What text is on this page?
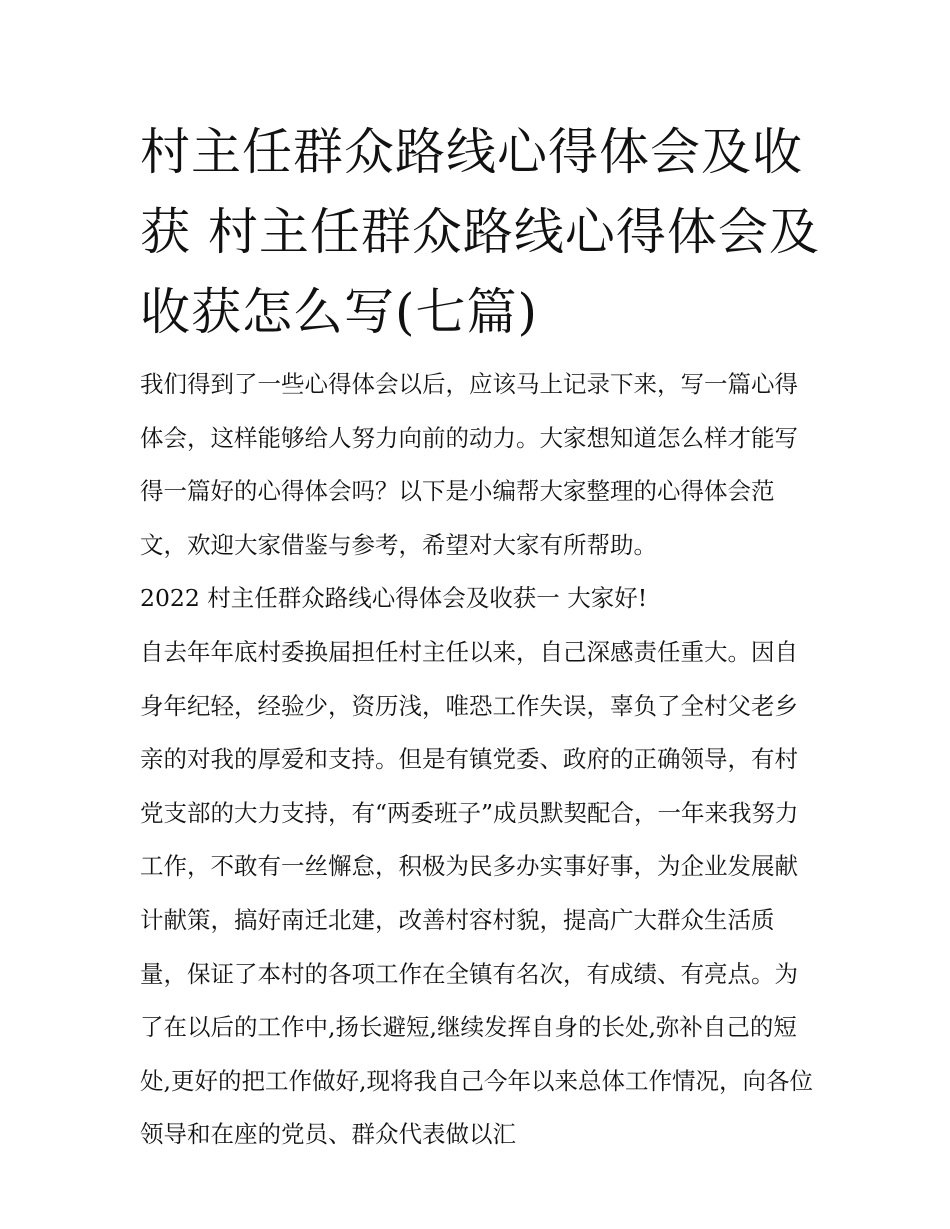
村主任群众路线心得体会及收获 村主任群众路线心得体会及收获怎么写(七篇)

我们得到了一些心得体会以后，应该马上记录下来，写一篇心得体会，这样能够给人努力向前的动力。大家想知道怎么样才能写得一篇好的心得体会吗？以下是小编帮大家整理的心得体会范文，欢迎大家借鉴与参考，希望对大家有所帮助。

2022 村主任群众路线心得体会及收获一 大家好!

自去年年底村委换届担任村主任以来，自己深感责任重大。因自身年纪轻，经验少，资历浅，唯恐工作失误，辜负了全村父老乡亲的对我的厚爱和支持。但是有镇党委、政府的正确领导，有村党支部的大力支持，有“两委班子”成员默契配合，一年来我努力工作，不敢有一丝懈怠，积极为民多办实事好事，为企业发展献计献策，搞好南迁北建，改善村容村貌，提高广大群众生活质量，保证了本村的各项工作在全镇有名次，有成绩、有亮点。为了在以后的工作中,扬长避短,继续发挥自身的长处,弥补自己的短处,更好的把工作做好,现将我自己今年以来总体工作情况，向各位领导和在座的党员、群众代表做以汇
